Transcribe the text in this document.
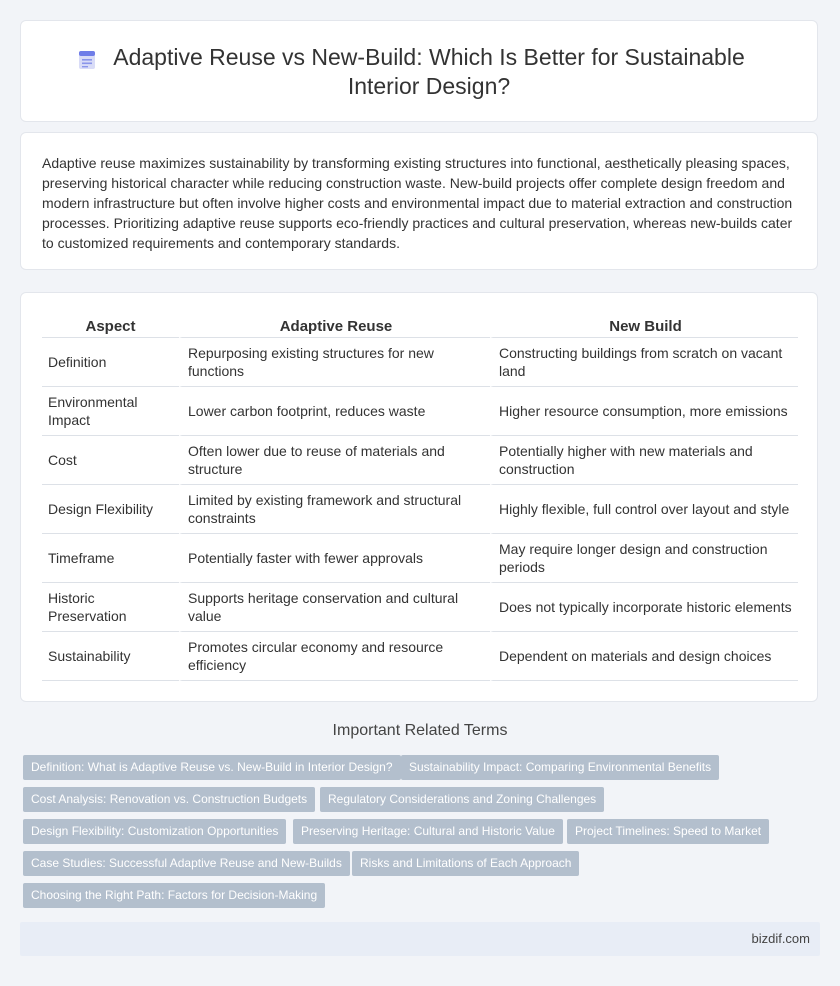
Adaptive Reuse vs New-Build: Which Is Better for Sustainable Interior Design?

Adaptive reuse maximizes sustainability by transforming existing structures into functional, aesthetically pleasing spaces, preserving historical character while reducing construction waste. New-build projects offer complete design freedom and modern infrastructure but often involve higher costs and environmental impact due to material extraction and construction processes. Prioritizing adaptive reuse supports eco-friendly practices and cultural preservation, whereas new-builds cater to customized requirements and contemporary standards.

Aspect	Adaptive Reuse	New Build
Definition	Repurposing existing structures for new functions	Constructing buildings from scratch on vacant land
Environmental Impact	Lower carbon footprint, reduces waste	Higher resource consumption, more emissions
Cost	Often lower due to reuse of materials and structure	Potentially higher with new materials and construction
Design Flexibility	Limited by existing framework and structural constraints	Highly flexible, full control over layout and style
Timeframe	Potentially faster with fewer approvals	May require longer design and construction periods
Historic Preservation	Supports heritage conservation and cultural value	Does not typically incorporate historic elements
Sustainability	Promotes circular economy and resource efficiency	Dependent on materials and design choices
Important Related Terms
Definition: What is Adaptive Reuse vs. New-Build in Interior Design?	Sustainability Impact: Comparing Environmental Benefits
Cost Analysis: Renovation vs. Construction Budgets	Regulatory Considerations and Zoning Challenges
Design Flexibility: Customization Opportunities	Preserving Heritage: Cultural and Historic Value	Project Timelines: Speed to Market
Case Studies: Successful Adaptive Reuse and New-Builds	Risks and Limitations of Each Approach
Choosing the Right Path: Factors for Decision-Making
bizdif.com
